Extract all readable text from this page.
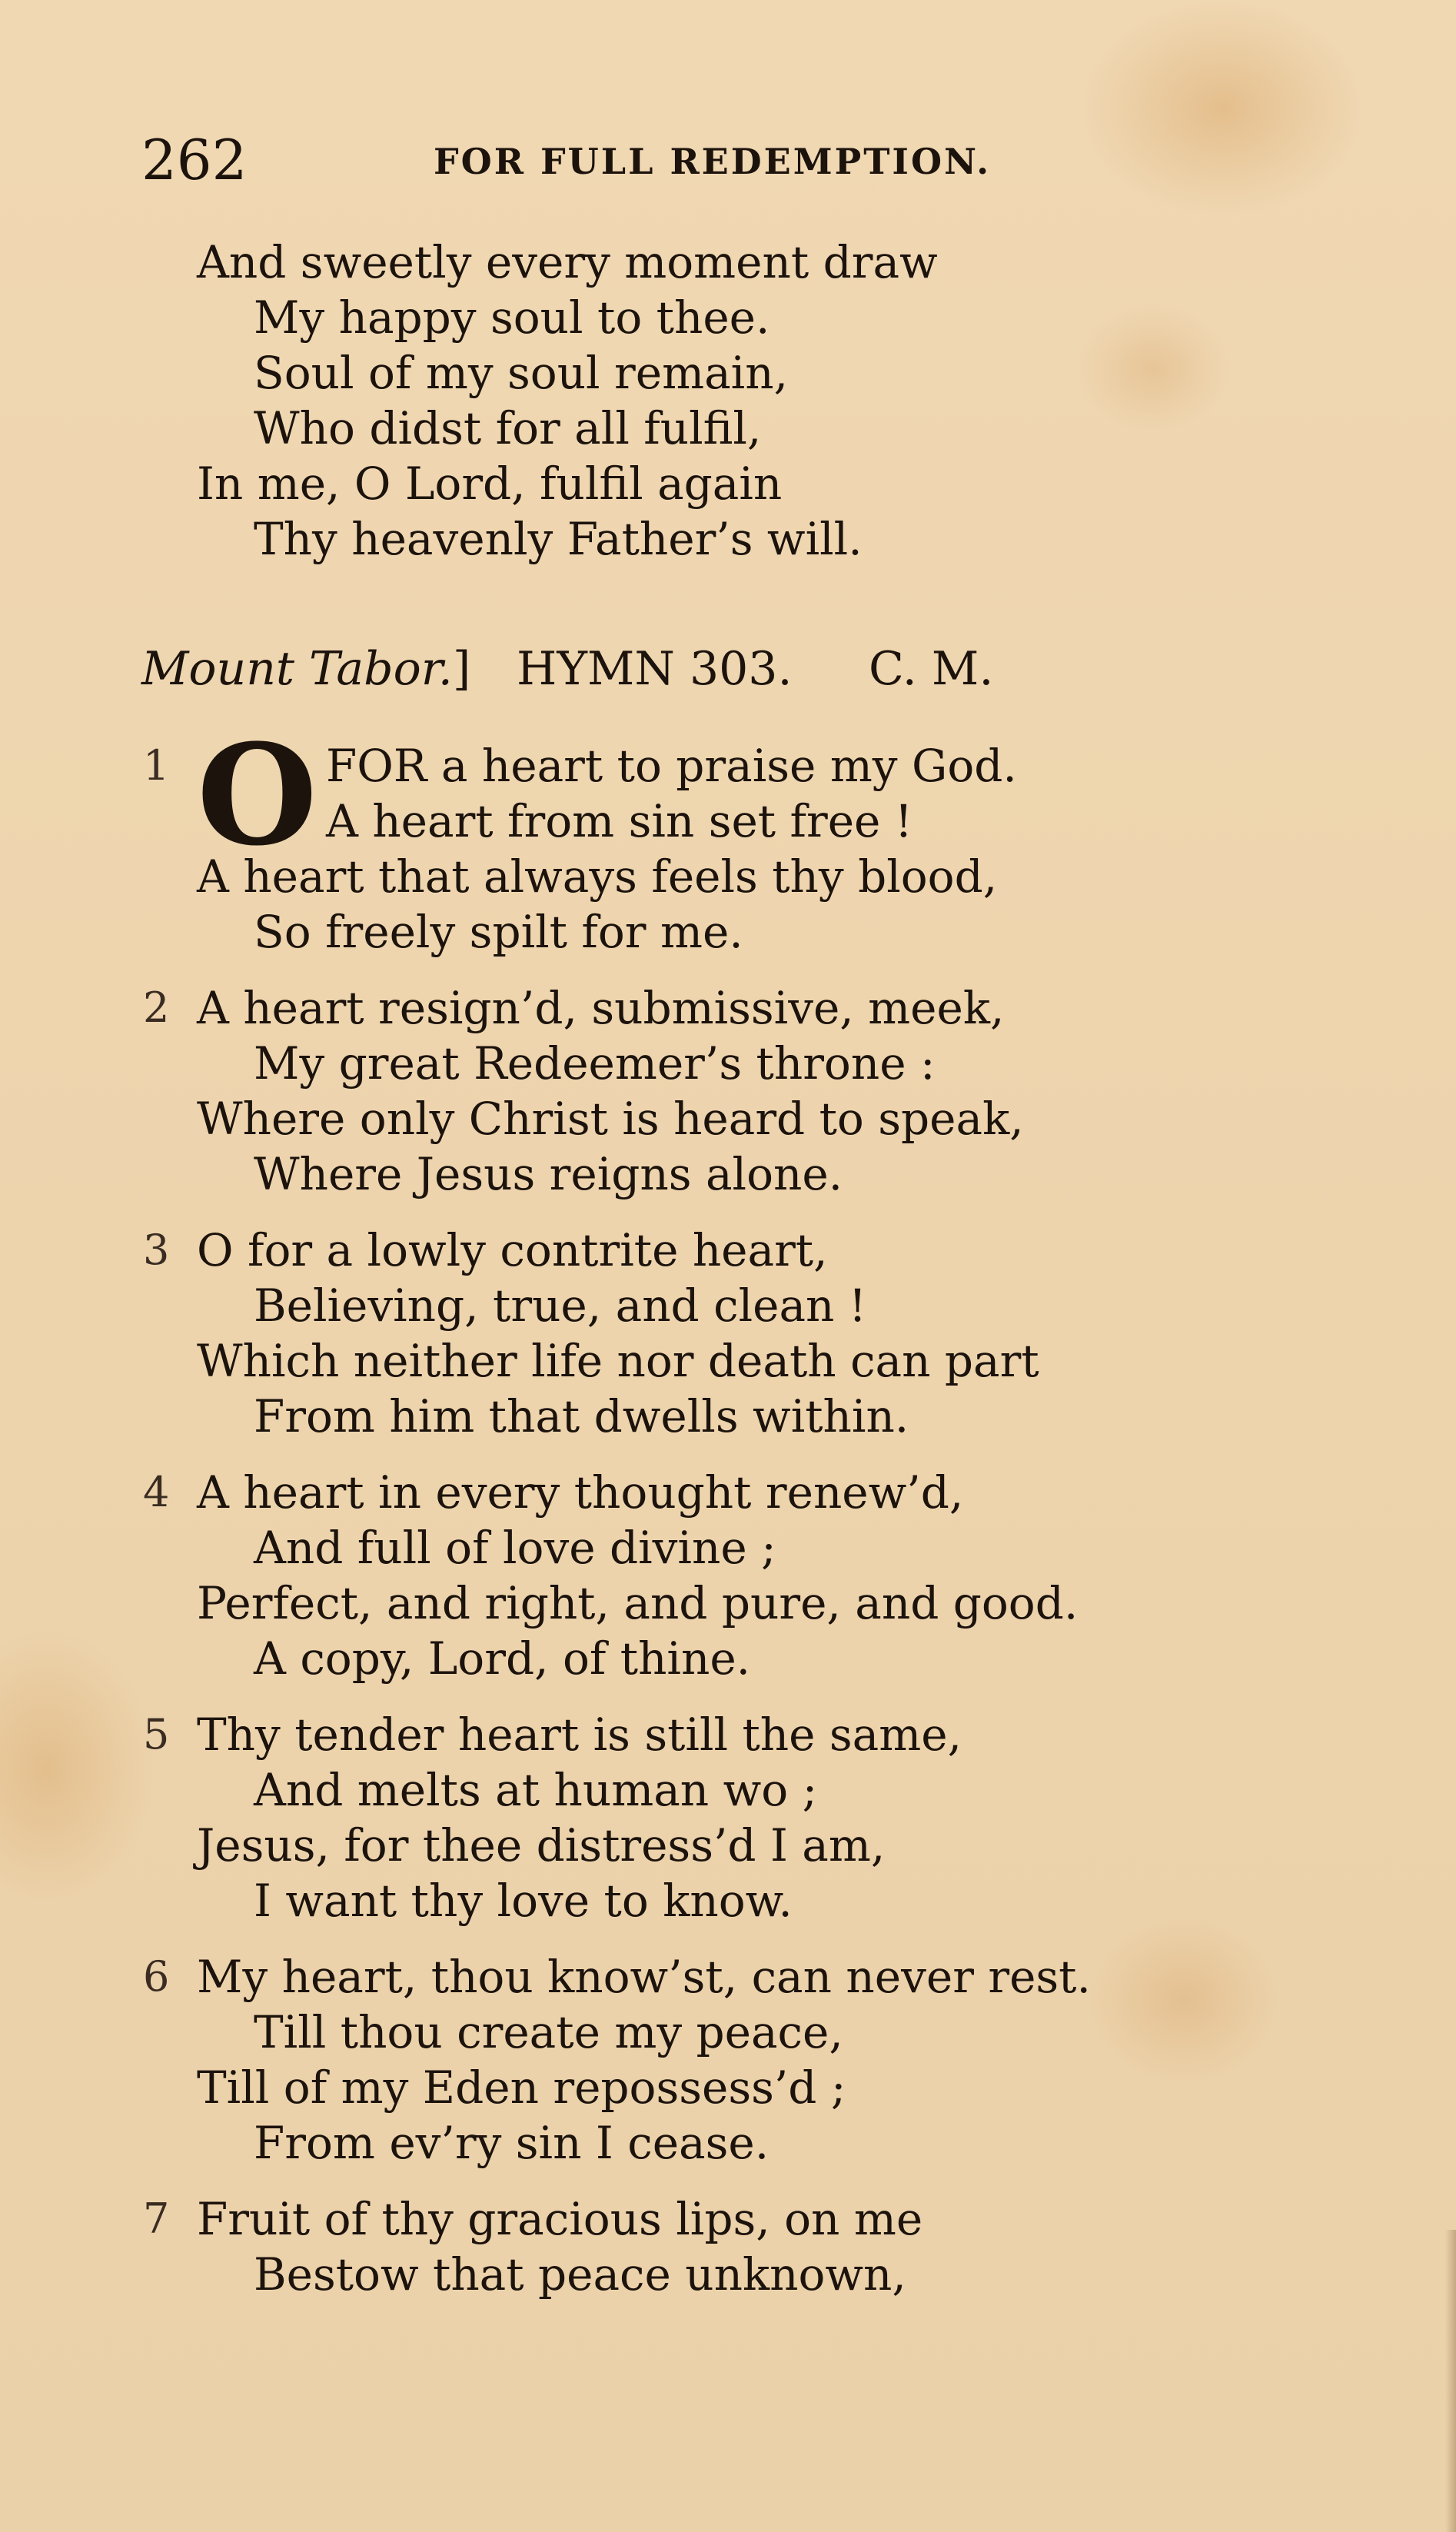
262	FOR FULL REDEMPTION.
And sweetly every moment draw
My happy soul to thee.
Soul of my soul remain,
Who didst for all fulfil,
In me, O Lord, fulfil again
Thy heavenly Father’s will.
Mount Tabor.] HYMN 303. C. M.
1 O FOR a heart to praise my God.
A heart from sin set free !
A heart that always feels thy blood,
So freely spilt for me.
2 A heart resign’d, submissive, meek,
My great Redeemer’s throne :
Where only Christ is heard to speak,
Where Jesus reigns alone.
3 O for a lowly contrite heart,
Believing, true, and clean !
Which neither life nor death can part
From him that dwells within.
4 A heart in every thought renew’d,
And full of love divine ;
Perfect, and right, and pure, and good.
A copy, Lord, of thine.
5 Thy tender heart is still the same,
And melts at human wo ;
Jesus, for thee distress’d I am,
I want thy love to know.
6 My heart, thou know’st, can never rest.
Till thou create my peace,
Till of my Eden repossess’d ;
From ev’ry sin I cease.
7 Fruit of thy gracious lips, on me
Bestow that peace unknown,
